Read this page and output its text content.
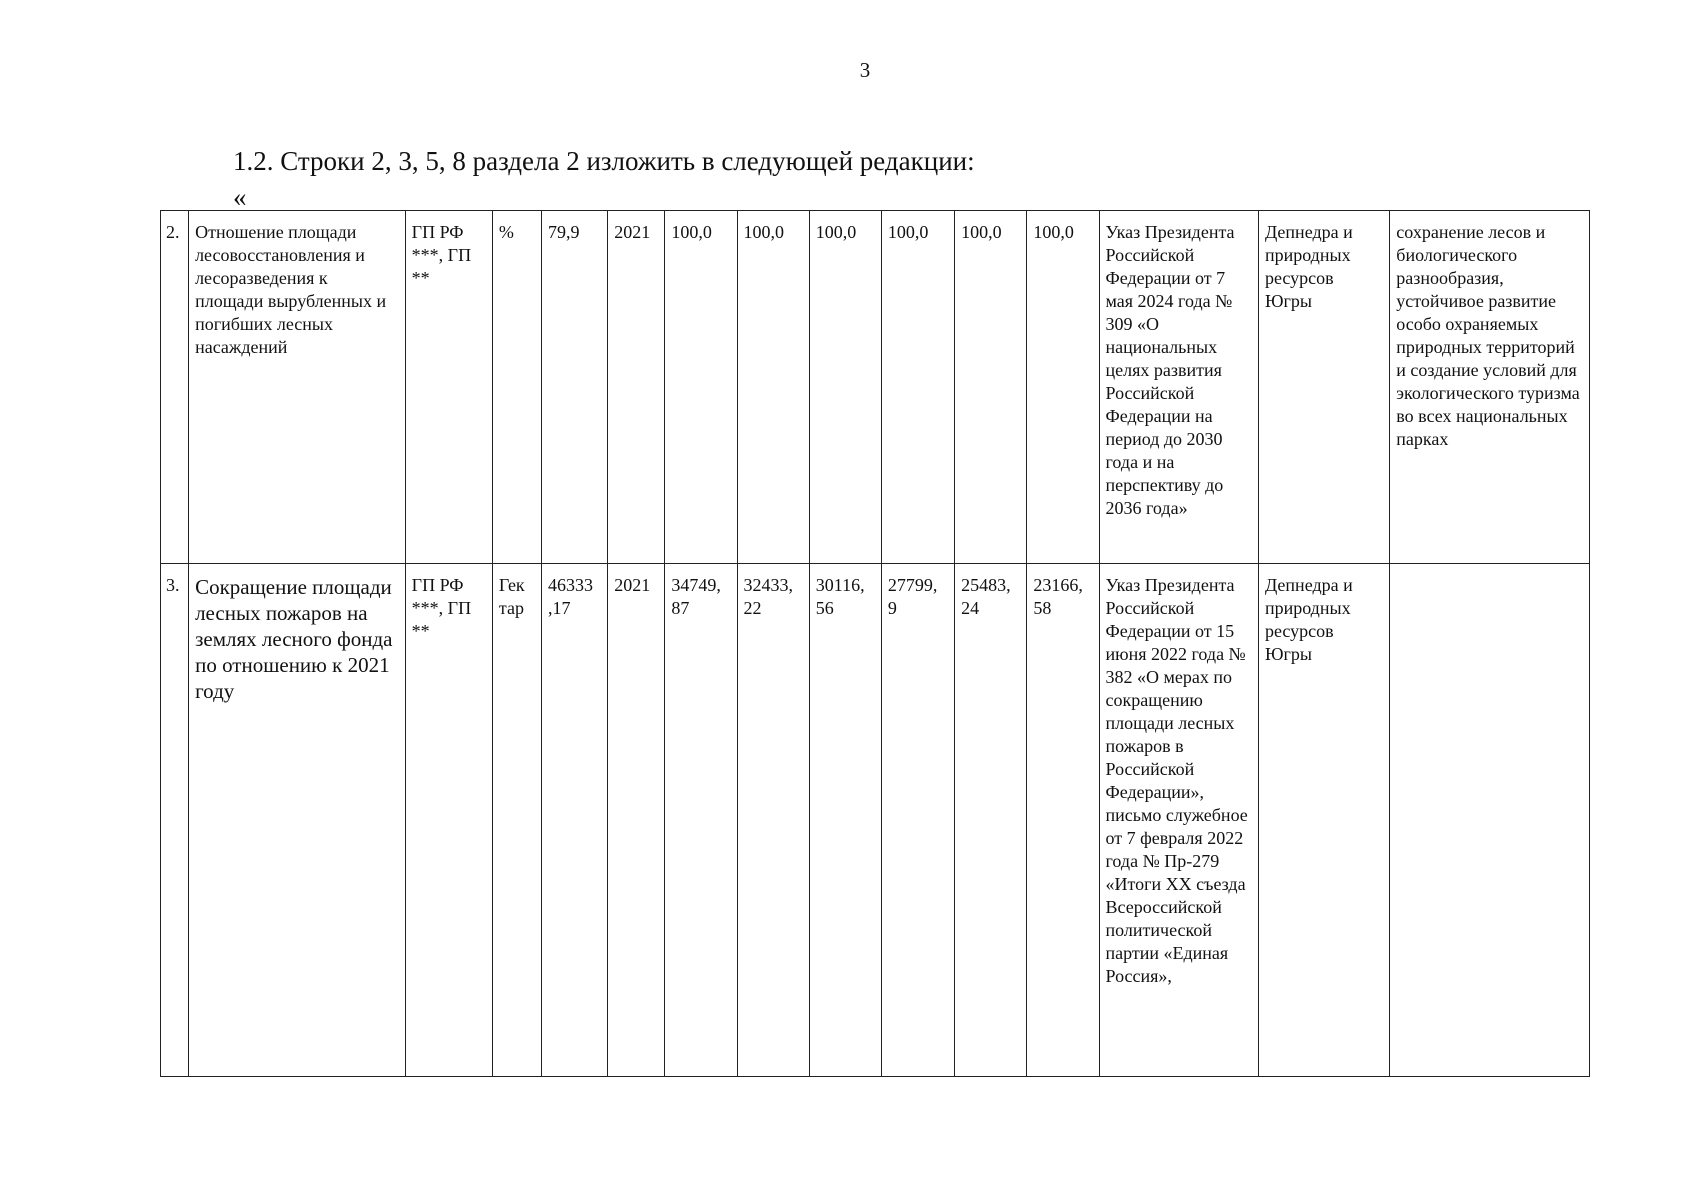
3
1.2. Строки 2, 3, 5, 8 раздела 2 изложить в следующей редакции:
«
2.	Отношение площади лесовосстановления и лесоразведения к площади вырубленных и погибших лесных насаждений	ГП РФ ***, ГП **	%	79,9	2021	100,0	100,0	100,0	100,0	100,0	100,0	Указ Президента Российской Федерации от 7 мая 2024 года № 309 «О национальных целях развития Российской Федерации на период до 2030 года и на перспективу до 2036 года»	Депнедра и природных ресурсов Югры	сохранение лесов и биологического разнообразия, устойчивое развитие особо охраняемых природных территорий и создание условий для экологического туризма во всех национальных парках
3.	Сокращение площади лесных пожаров на землях лесного фонда по отношению к 2021 году	ГП РФ ***, ГП **	Гек тар	46333 ,17	2021	34749, 87	32433, 22	30116, 56	27799, 9	25483, 24	23166, 58	Указ Президента Российской Федерации от 15 июня 2022 года № 382 «О мерах по сокращению площади лесных пожаров в Российской Федерации», письмо служебное от 7 февраля 2022 года № Пр-279 «Итоги XX съезда Всероссийской политической партии «Единая Россия»,	Депнедра и природных ресурсов Югры	
